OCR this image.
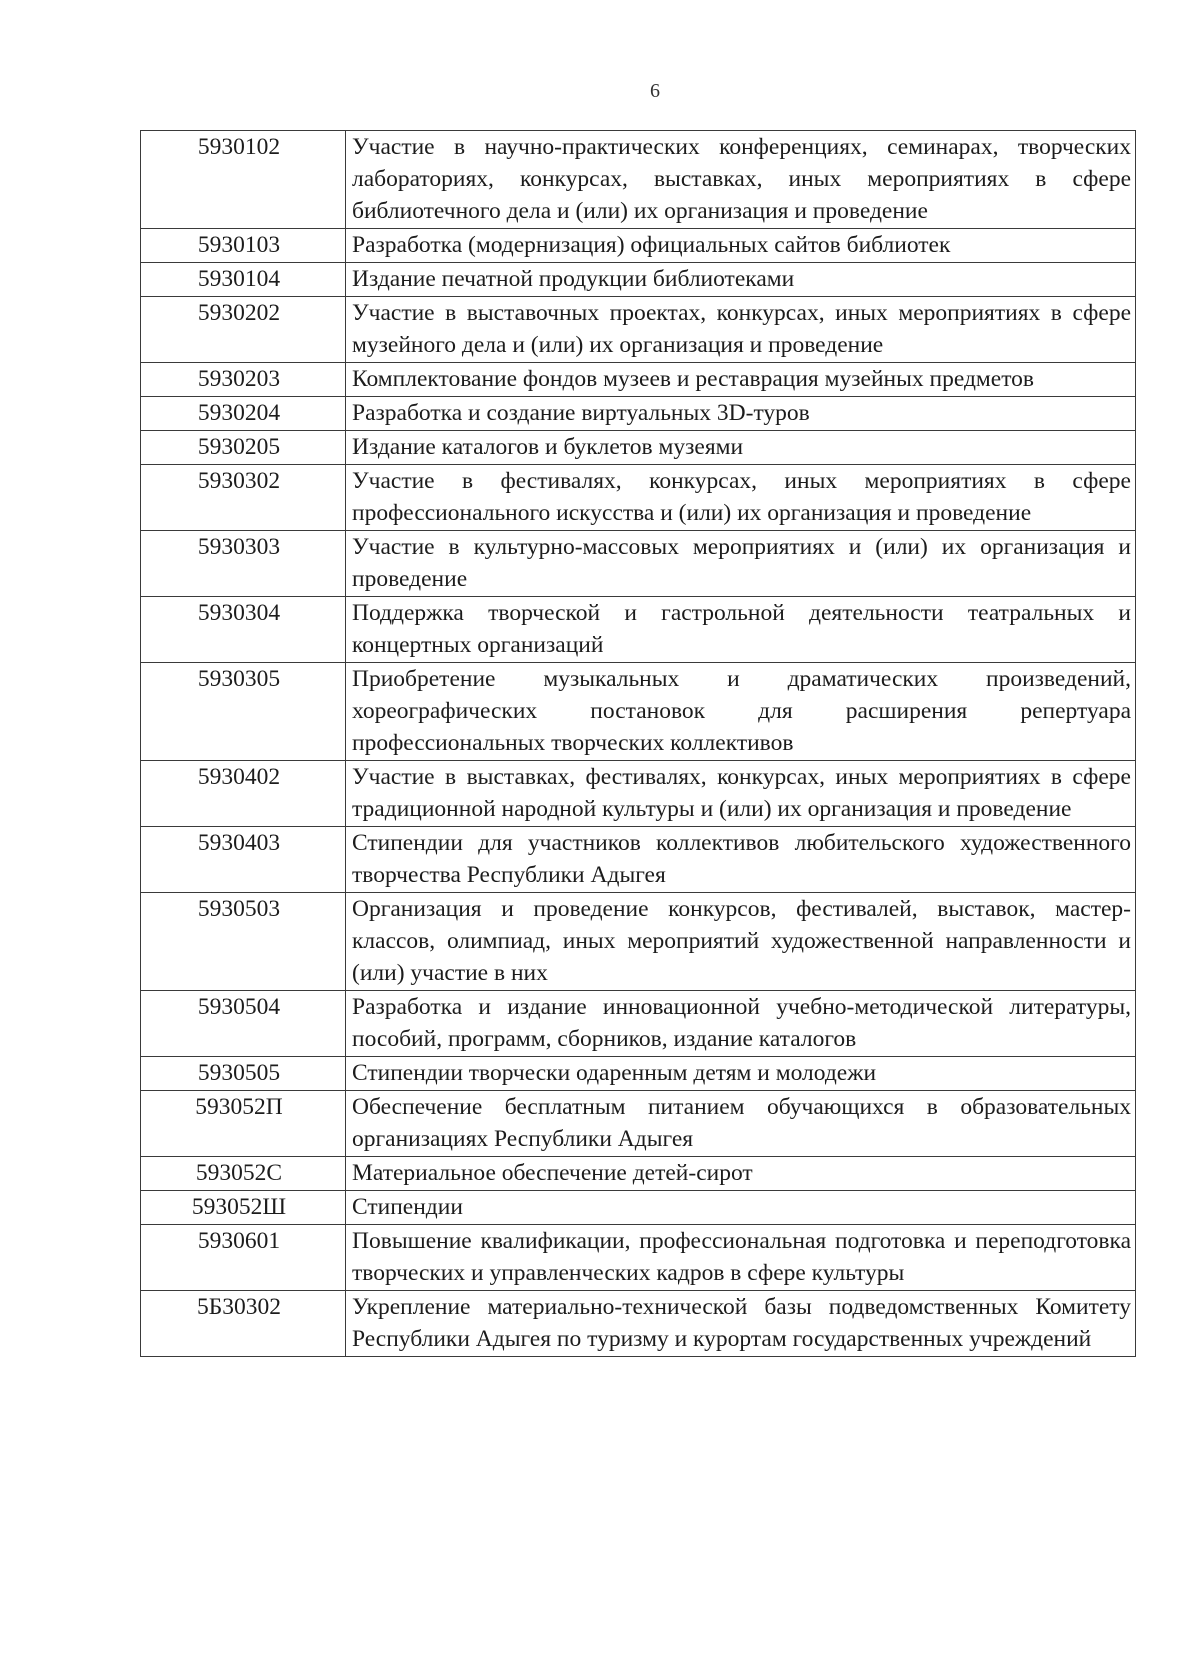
6
5930102	Участие в научно-практических конференциях, семинарах, творческих лабораториях, конкурсах, выставках, иных мероприятиях в сфере библиотечного дела и (или) их организация и проведение
5930103	Разработка (модернизация) официальных сайтов библиотек
5930104	Издание печатной продукции библиотеками
5930202	Участие в выставочных проектах, конкурсах, иных мероприятиях в сфере музейного дела и (или) их организация и проведение
5930203	Комплектование фондов музеев и реставрация музейных предметов
5930204	Разработка и создание виртуальных 3D-туров
5930205	Издание каталогов и буклетов музеями
5930302	Участие в фестивалях, конкурсах, иных мероприятиях в сфере профессионального искусства и (или) их организация и проведение
5930303	Участие в культурно-массовых мероприятиях и (или) их организация и проведение
5930304	Поддержка творческой и гастрольной деятельности театральных и концертных организаций
5930305	Приобретение музыкальных и драматических произведений, хореографических постановок для расширения репертуара профессиональных творческих коллективов
5930402	Участие в выставках, фестивалях, конкурсах, иных мероприятиях в сфере традиционной народной культуры и (или) их организация и проведение
5930403	Стипендии для участников коллективов любительского художественного творчества Республики Адыгея
5930503	Организация и проведение конкурсов, фестивалей, выставок, мастер-классов, олимпиад, иных мероприятий художественной направленности и (или) участие в них
5930504	Разработка и издание инновационной учебно-методической литературы, пособий, программ, сборников, издание каталогов
5930505	Стипендии творчески одаренным детям и молодежи
593052П	Обеспечение бесплатным питанием обучающихся в образовательных организациях Республики Адыгея
593052С	Материальное обеспечение детей-сирот
593052Ш	Стипендии
5930601	Повышение квалификации, профессиональная подготовка и переподготовка творческих и управленческих кадров в сфере культуры
5Б30302	Укрепление материально-технической базы подведомственных Комитету Республики Адыгея по туризму и курортам государственных учреждений
